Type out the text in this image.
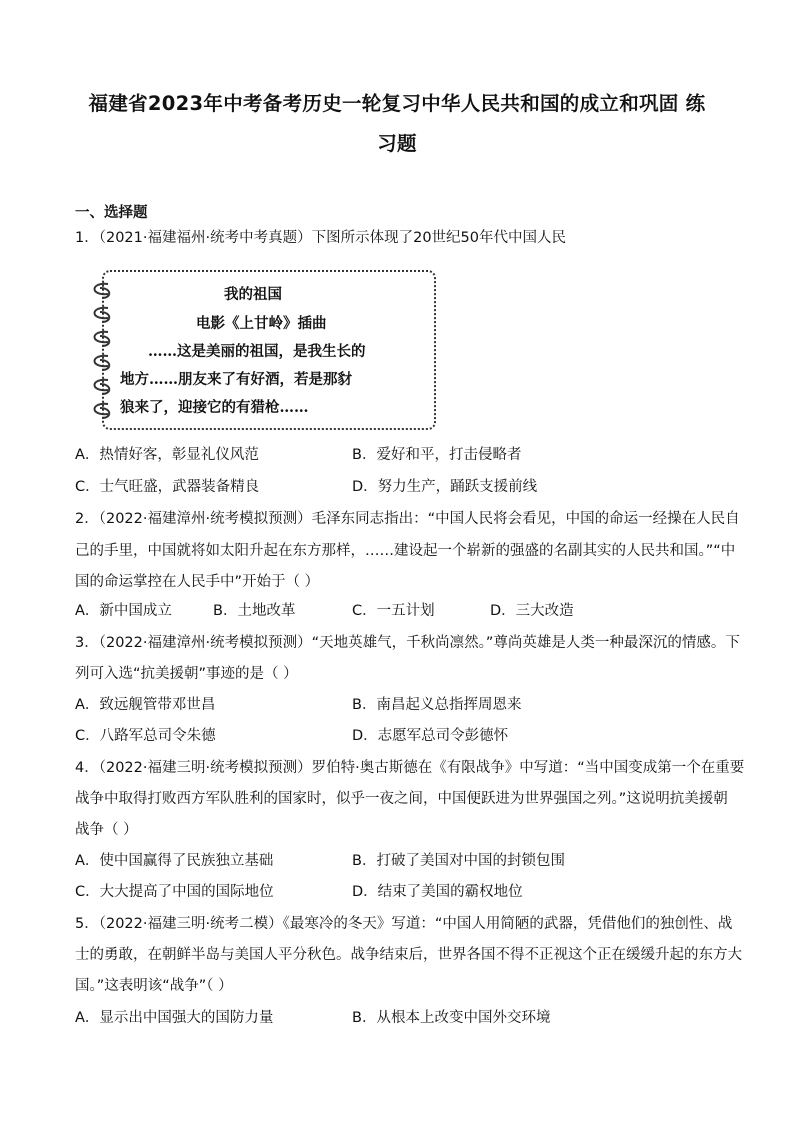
福建省2023年中考备考历史一轮复习中华人民共和国的成立和巩固 练
习题
一、选择题
1．（2021·福建福州·统考中考真题）下图所示体现了20世纪50年代中国人民
我的祖国
电影《上甘岭》插曲
……这是美丽的祖国，是我生长的
地方……朋友来了有好酒，若是那豺
狼来了，迎接它的有猎枪……
A．热情好客，彰显礼仪风范	B．爱好和平，打击侵略者
C．士气旺盛，武器装备精良	D．努力生产，踊跃支援前线
2．（2022·福建漳州·统考模拟预测）毛泽东同志指出：“中国人民将会看见，中国的命运一经操在人民自
己的手里，中国就将如太阳升起在东方那样，……建设起一个崭新的强盛的名副其实的人民共和国。”“中
国的命运掌控在人民手中”开始于（ ）
A．新中国成立	B．土地改革	C．一五计划	D．三大改造
3．（2022·福建漳州·统考模拟预测）“天地英雄气，千秋尚凛然。”尊尚英雄是人类一种最深沉的情感。下
列可入选“抗美援朝”事迹的是（ ）
A．致远舰管带邓世昌	B．南昌起义总指挥周恩来
C．八路军总司令朱德	D．志愿军总司令彭德怀
4．（2022·福建三明·统考模拟预测）罗伯特·奥古斯德在《有限战争》中写道：“当中国变成第一个在重要
战争中取得打败西方军队胜利的国家时，似乎一夜之间，中国便跃进为世界强国之列。”这说明抗美援朝
战争（ ）
A．使中国赢得了民族独立基础	B．打破了美国对中国的封锁包围
C．大大提高了中国的国际地位	D．结束了美国的霸权地位
5．（2022·福建三明·统考二模）《最寒冷的冬天》写道：“中国人用简陋的武器，凭借他们的独创性、战
士的勇敢，在朝鲜半岛与美国人平分秋色。战争结束后，世界各国不得不正视这个正在缓缓升起的东方大
国。”这表明该“战争”（ ）
A．显示出中国强大的国防力量	B．从根本上改变中国外交环境
